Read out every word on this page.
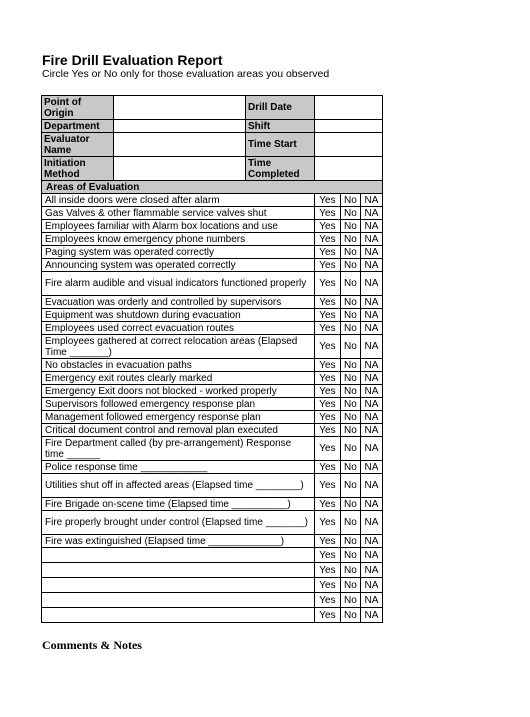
Fire Drill Evaluation Report
Circle Yes or No only for those evaluation areas you observed
Point of Origin		Drill Date	
Department		Shift	
Evaluator Name		Time Start	
Initiation Method		Time Completed	
Areas of Evaluation			
All inside doors were closed after alarm			Yes No NA

Gas Valves & other flammable service valves shut			Yes No NA

Employees familiar with Alarm box locations and use			Yes No NA

Employees know emergency phone numbers			Yes No NA

Paging system was operated correctly			Yes No NA

Announcing system was operated correctly			Yes No NA

Fire alarm audible and visual indicators functioned properly			Yes No NA

Evacuation was orderly and controlled by supervisors			Yes No NA

Equipment was shutdown during evacuation			Yes No NA

Employees used correct evacuation routes			Yes No NA

Employees gathered at correct relocation areas (Elapsed Time _______)			Yes No NA

No obstacles in evacuation paths			Yes No NA

Emergency exit routes clearly marked			Yes No NA

Emergency Exit doors not blocked - worked properly			Yes No NA

Supervisors followed emergency response plan			Yes No NA

Management followed emergency response plan			Yes No NA

Critical document control and removal plan executed			Yes No NA

Fire Department called (by pre-arrangement) Response time ______			Yes No NA

Police response time ____________			Yes No NA

Utilities shut off in affected areas (Elapsed time ________)			Yes No NA

Fire Brigade on-scene time (Elapsed time __________)			Yes No NA

Fire properly brought under control (Elapsed time _______)			Yes No NA

Fire was extinguished (Elapsed time _____________)			Yes No NA

Yes No NA

Yes No NA

Yes No NA

Yes No NA

Yes No NA
Comments & Notes
